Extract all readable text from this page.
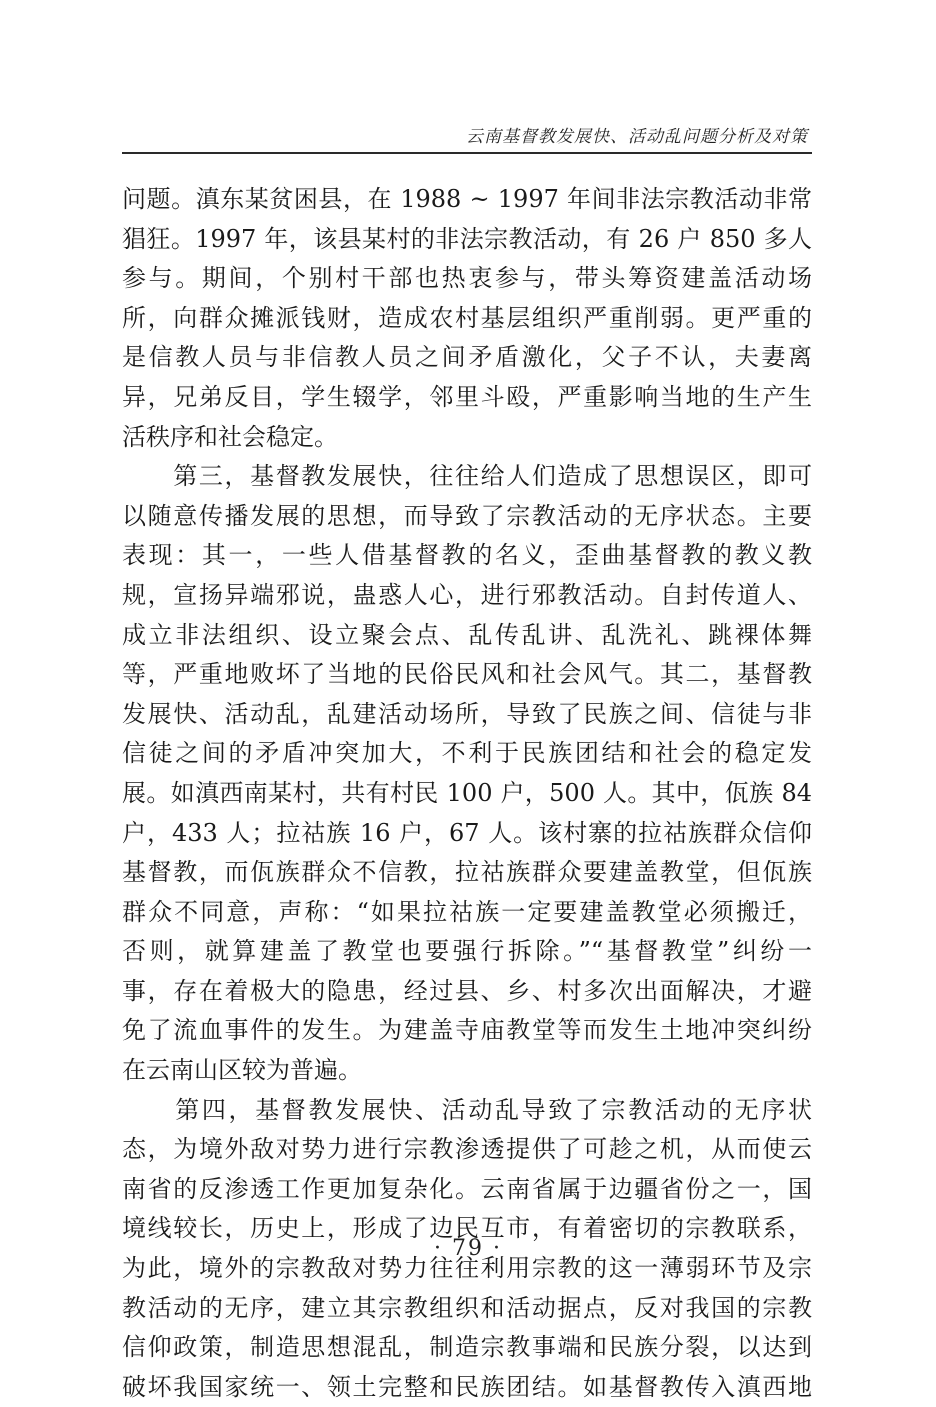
云南基督教发展快、活动乱问题分析及对策
问题。滇东某贫困县，在 1988 ~ 1997 年间非法宗教活动非常
猖狂。1997 年，该县某村的非法宗教活动，有 26 户 850 多人
参与。期间，个别村干部也热衷参与，带头筹资建盖活动场
所，向群众摊派钱财，造成农村基层组织严重削弱。更严重的
是信教人员与非信教人员之间矛盾激化，父子不认，夫妻离
异，兄弟反目，学生辍学，邻里斗殴，严重影响当地的生产生
活秩序和社会稳定。
　　第三，基督教发展快，往往给人们造成了思想误区，即可
以随意传播发展的思想，而导致了宗教活动的无序状态。主要
表现：其一，一些人借基督教的名义，歪曲基督教的教义教
规，宣扬异端邪说，蛊惑人心，进行邪教活动。自封传道人、
成立非法组织、设立聚会点、乱传乱讲、乱洗礼、跳裸体舞
等，严重地败坏了当地的民俗民风和社会风气。其二，基督教
发展快、活动乱，乱建活动场所，导致了民族之间、信徒与非
信徒之间的矛盾冲突加大，不利于民族团结和社会的稳定发
展。如滇西南某村，共有村民 100 户，500 人。其中，佤族 84
户，433 人；拉祜族 16 户，67 人。该村寨的拉祜族群众信仰
基督教，而佤族群众不信教，拉祜族群众要建盖教堂，但佤族
群众不同意，声称：“如果拉祜族一定要建盖教堂必须搬迁，
否则，就算建盖了教堂也要强行拆除。”“基督教堂”纠纷一
事，存在着极大的隐患，经过县、乡、村多次出面解决，才避
免了流血事件的发生。为建盖寺庙教堂等而发生土地冲突纠纷
在云南山区较为普遍。
　　第四，基督教发展快、活动乱导致了宗教活动的无序状
态，为境外敌对势力进行宗教渗透提供了可趁之机，从而使云
南省的反渗透工作更加复杂化。云南省属于边疆省份之一，国
境线较长，历史上，形成了边民互市，有着密切的宗教联系，
为此，境外的宗教敌对势力往往利用宗教的这一薄弱环节及宗
教活动的无序，建立其宗教组织和活动据点，反对我国的宗教
信仰政策，制造思想混乱，制造宗教事端和民族分裂，以达到
破坏我国家统一、领土完整和民族团结。如基督教传入滇西地
· 79 ·
